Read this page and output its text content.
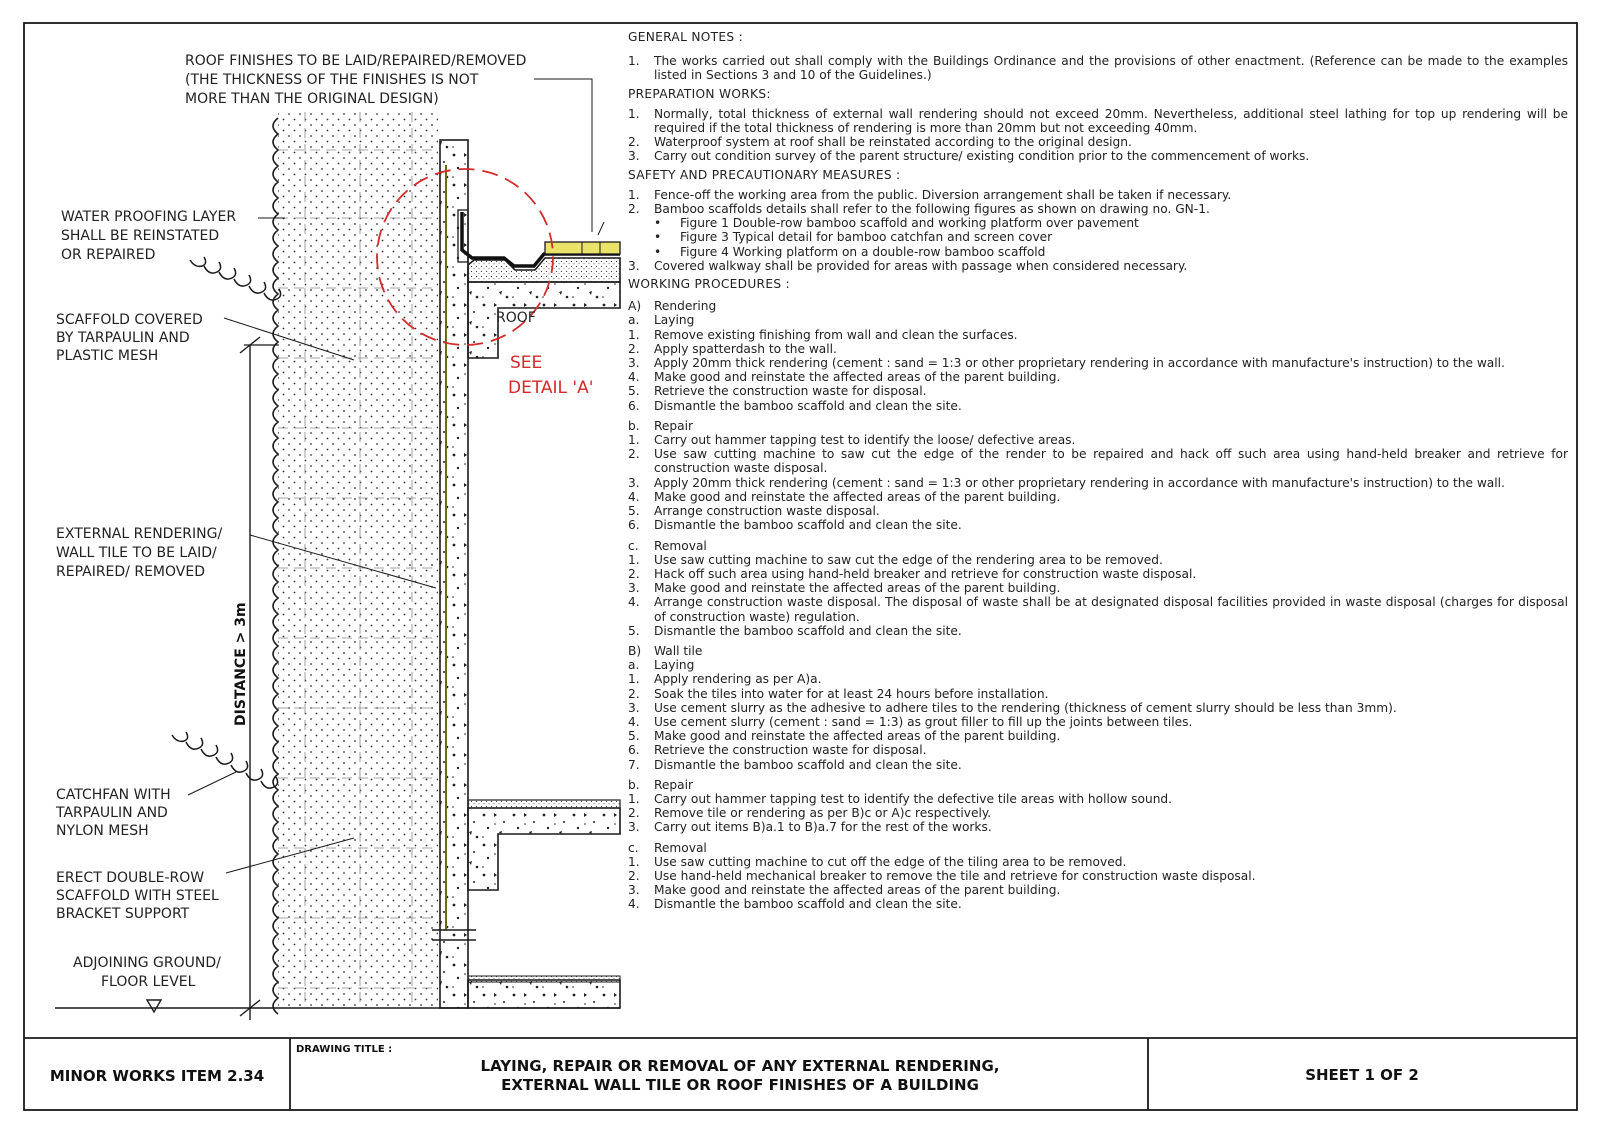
ROOF FINISHES TO BE LAID/REPAIRED/REMOVED
(THE THICKNESS OF THE FINISHES IS NOT
MORE THAN THE ORIGINAL DESIGN)
WATER PROOFING LAYER
SHALL BE REINSTATED
OR REPAIRED
SCAFFOLD COVERED
BY TARPAULIN AND
PLASTIC MESH
ROOF
SEE
DETAIL 'A'
EXTERNAL RENDERING/
WALL TILE TO BE LAID/
REPAIRED/ REMOVED
DISTANCE > 3m
CATCHFAN WITH
TARPAULIN AND
NYLON MESH
ERECT DOUBLE-ROW
SCAFFOLD WITH STEEL
BRACKET SUPPORT
ADJOINING GROUND/
FLOOR LEVEL
MINOR WORKS ITEM 2.34
DRAWING TITLE :
LAYING, REPAIR OR REMOVAL OF ANY EXTERNAL RENDERING,
EXTERNAL WALL TILE OR ROOF FINISHES OF A BUILDING
SHEET 1 OF 2
GENERAL NOTES :
1.	The works carried out shall comply with the Buildings Ordinance and the provisions of other enactment. (Reference can be made to the examples listed in Sections 3 and 10 of the Guidelines.)
PREPARATION WORKS:
1.	Normally, total thickness of external wall rendering should not exceed 20mm. Nevertheless, additional steel lathing for top up rendering will be required if the total thickness of rendering is more than 20mm but not exceeding 40mm.
2.	Waterproof system at roof shall be reinstated according to the original design.
3.	Carry out condition survey of the parent structure/ existing condition prior to the commencement of works.
SAFETY AND PRECAUTIONARY MEASURES :
1.	Fence-off the working area from the public. Diversion arrangement shall be taken if necessary.
2.	Bamboo scaffolds details shall refer to the following figures as shown on drawing no. GN-1.
•	Figure 1 Double-row bamboo scaffold and working platform over pavement
•	Figure 3 Typical detail for bamboo catchfan and screen cover
•	Figure 4 Working platform on a double-row bamboo scaffold
3.	Covered walkway shall be provided for areas with passage when considered necessary.
WORKING PROCEDURES :
A)	Rendering
a.	Laying
1.	Remove existing finishing from wall and clean the surfaces.
2.	Apply spatterdash to the wall.
3.	Apply 20mm thick rendering (cement : sand = 1:3 or other proprietary rendering in accordance with manufacture's instruction) to the wall.
4.	Make good and reinstate the affected areas of the parent building.
5.	Retrieve the construction waste for disposal.
6.	Dismantle the bamboo scaffold and clean the site.
b.	Repair
1.	Carry out hammer tapping test to identify the loose/ defective areas.
2.	Use saw cutting machine to saw cut the edge of the render to be repaired and hack off such area using hand-held breaker and retrieve for construction waste disposal.
3.	Apply 20mm thick rendering (cement : sand = 1:3 or other proprietary rendering in accordance with manufacture's instruction) to the wall.
4.	Make good and reinstate the affected areas of the parent building.
5.	Arrange construction waste disposal.
6.	Dismantle the bamboo scaffold and clean the site.
c.	Removal
1.	Use saw cutting machine to saw cut the edge of the rendering area to be removed.
2.	Hack off such area using hand-held breaker and retrieve for construction waste disposal.
3.	Make good and reinstate the affected areas of the parent building.
4.	Arrange construction waste disposal. The disposal of waste shall be at designated disposal facilities provided in waste disposal (charges for disposal of construction waste) regulation.
5.	Dismantle the bamboo scaffold and clean the site.
B)	Wall tile
a.	Laying
1.	Apply rendering as per A)a.
2.	Soak the tiles into water for at least 24 hours before installation.
3.	Use cement slurry as the adhesive to adhere tiles to the rendering (thickness of cement slurry should be less than 3mm).
4.	Use cement slurry (cement : sand = 1:3) as grout filler to fill up the joints between tiles.
5.	Make good and reinstate the affected areas of the parent building.
6.	Retrieve the construction waste for disposal.
7.	Dismantle the bamboo scaffold and clean the site.
b.	Repair
1.	Carry out hammer tapping test to identify the defective tile areas with hollow sound.
2.	Remove tile or rendering as per B)c or A)c respectively.
3.	Carry out items B)a.1 to B)a.7 for the rest of the works.
c.	Removal
1.	Use saw cutting machine to cut off the edge of the tiling area to be removed.
2.	Use hand-held mechanical breaker to remove the tile and retrieve for construction waste disposal.
3.	Make good and reinstate the affected areas of the parent building.
4.	Dismantle the bamboo scaffold and clean the site.
